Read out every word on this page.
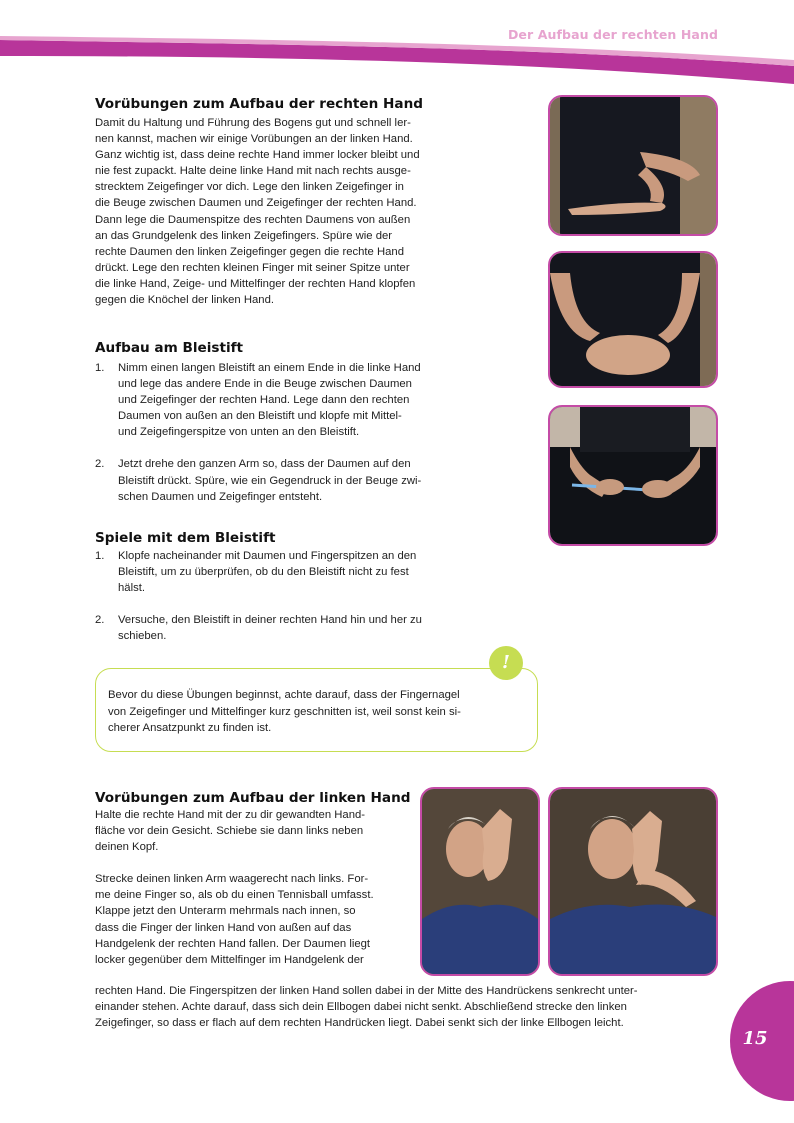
Der Aufbau der rechten Hand
Vorübungen zum Aufbau der rechten Hand
Damit du Haltung und Führung des Bogens gut und schnell ler-
nen kannst, machen wir einige Vorübungen an der linken Hand.
Ganz wichtig ist, dass deine rechte Hand immer locker bleibt und
nie fest zupackt. Halte deine linke Hand mit nach rechts ausge-
strecktem Zeigefinger vor dich. Lege den linken Zeigefinger in
die Beuge zwischen Daumen und Zeigefinger der rechten Hand.
Dann lege die Daumenspitze des rechten Daumens von außen
an das Grundgelenk des linken Zeigefingers. Spüre wie der
rechte Daumen den linken Zeigefinger gegen die rechte Hand
drückt. Lege den rechten kleinen Finger mit seiner Spitze unter
die linke Hand, Zeige- und Mittelfinger der rechten Hand klopfen
gegen die Knöchel der linken Hand.
Aufbau am Bleistift
1. Nimm einen langen Bleistift an einem Ende in die linke Hand
und lege das andere Ende in die Beuge zwischen Daumen
und Zeigefinger der rechten Hand. Lege dann den rechten
Daumen von außen an den Bleistift und klopfe mit Mittel-
und Zeigefingerspitze von unten an den Bleistift.
2. Jetzt drehe den ganzen Arm so, dass der Daumen auf den
Bleistift drückt. Spüre, wie ein Gegendruck in der Beuge zwi-
schen Daumen und Zeigefinger entsteht.
Spiele mit dem Bleistift
1. Klopfe nacheinander mit Daumen und Fingerspitzen an den
Bleistift, um zu überprüfen, ob du den Bleistift nicht zu fest
hälst.
2. Versuche, den Bleistift in deiner rechten Hand hin und her zu
schieben.
Bevor du diese Übungen beginnst, achte darauf, dass der Fingernagel
von Zeigefinger und Mittelfinger kurz geschnitten ist, weil sonst kein si-
cherer Ansatzpunkt zu finden ist.
!
Vorübungen zum Aufbau der linken Hand
Halte die rechte Hand mit der zu dir gewandten Hand-
fläche vor dein Gesicht. Schiebe sie dann links neben
deinen Kopf.
Strecke deinen linken Arm waagerecht nach links. For-
me deine Finger so, als ob du einen Tennisball umfasst.
Klappe jetzt den Unterarm mehrmals nach innen, so
dass die Finger der linken Hand von außen auf das
Handgelenk der rechten Hand fallen. Der Daumen liegt
locker gegenüber dem Mittelfinger im Handgelenk der
rechten Hand. Die Fingerspitzen der linken Hand sollen dabei in der Mitte des Handrückens senkrecht unter-
einander stehen. Achte darauf, dass sich dein Ellbogen dabei nicht senkt. Abschließend strecke den linken
Zeigefinger, so dass er flach auf dem rechten Handrücken liegt. Dabei senkt sich der linke Ellbogen leicht.
15
